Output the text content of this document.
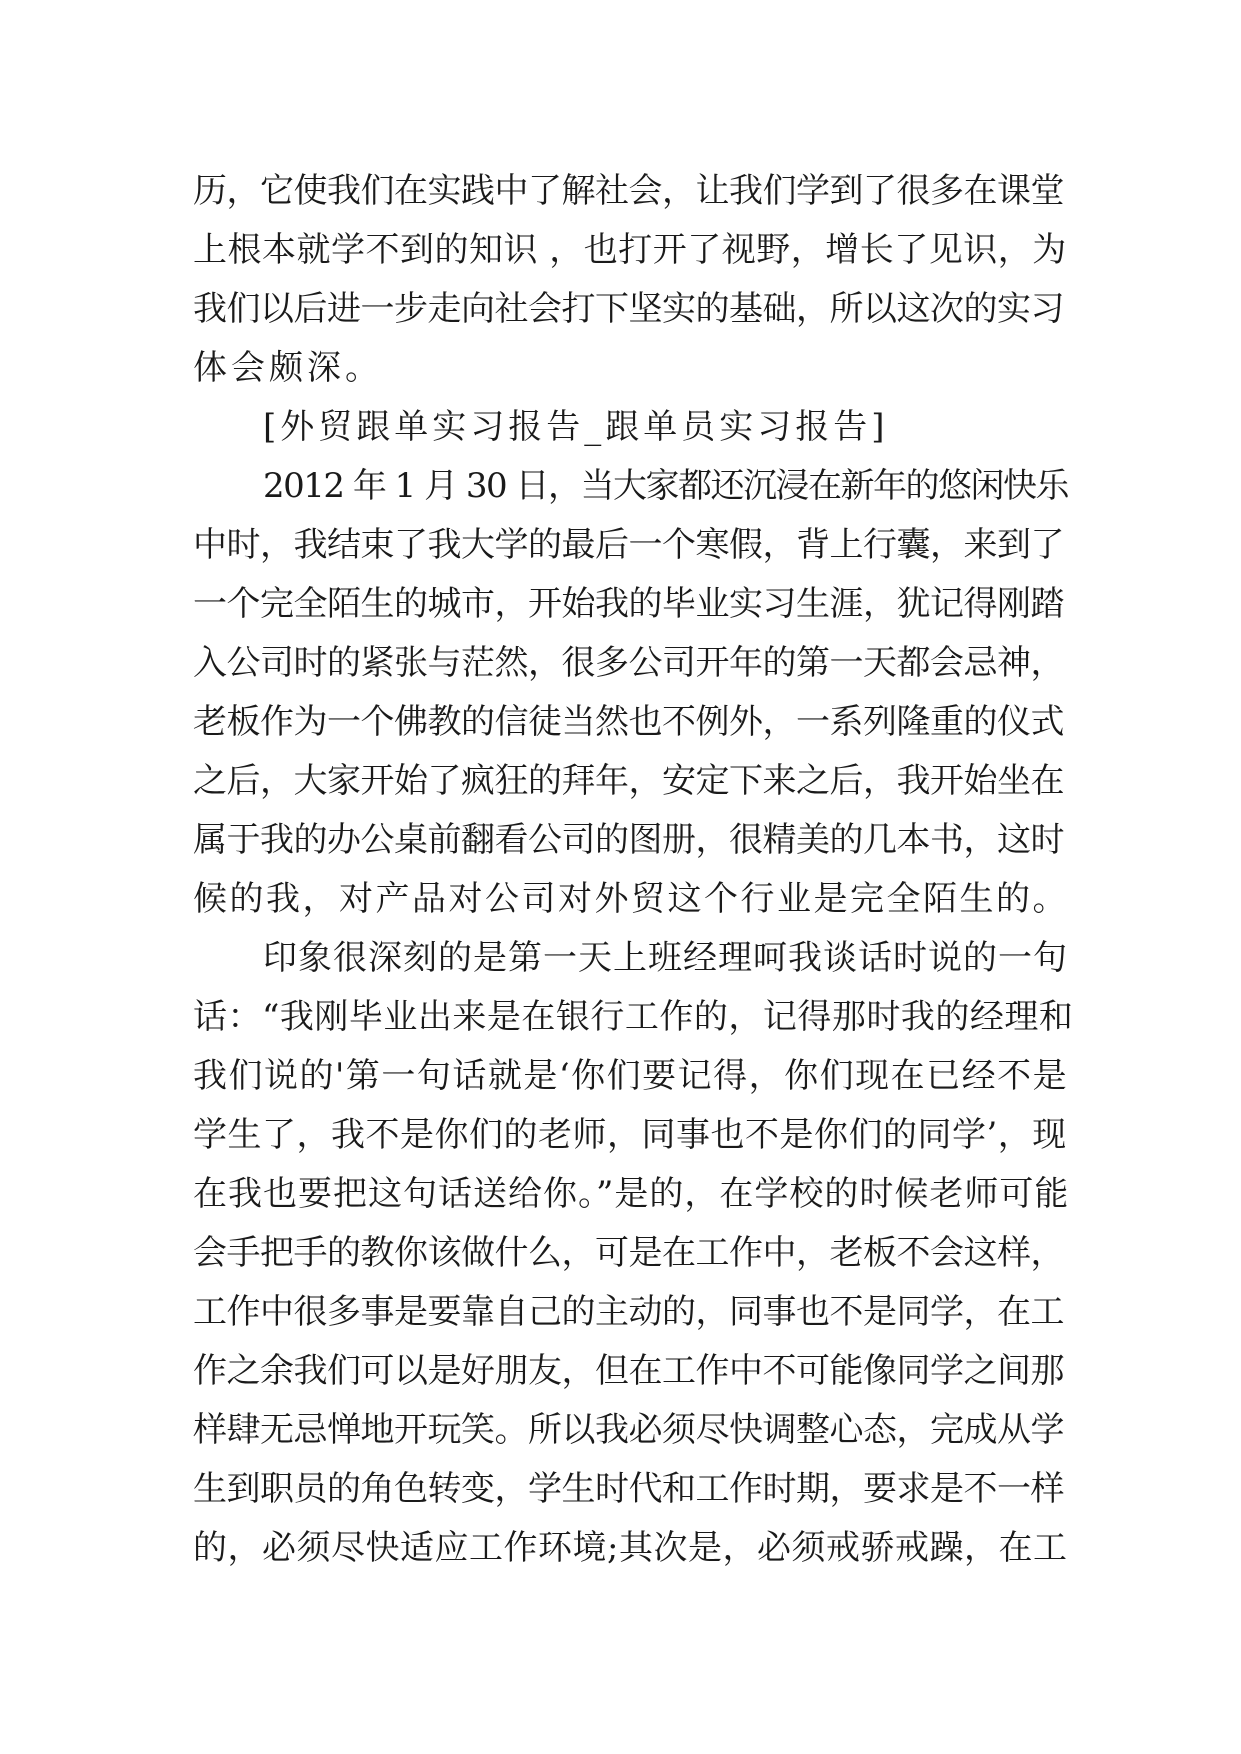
历，它使我们在实践中了解社会，让我们学到了很多在课堂
上根本就学不到的知识 ，也打开了视野，增长了见识，为
我们以后进一步走向社会打下坚实的基础，所以这次的实习
体会颇深。
[外贸跟单实习报告_跟单员实习报告]
2012 年 1 月 30 日，当大家都还沉浸在新年的悠闲快乐
中时，我结束了我大学的最后一个寒假，背上行囊，来到了
一个完全陌生的城市，开始我的毕业实习生涯，犹记得刚踏
入公司时的紧张与茫然，很多公司开年的第一天都会忌神，
老板作为一个佛教的信徒当然也不例外，一系列隆重的仪式
之后，大家开始了疯狂的拜年，安定下来之后，我开始坐在
属于我的办公桌前翻看公司的图册，很精美的几本书，这时
候的我，对产品对公司对外贸这个行业是完全陌生的。
印象很深刻的是第一天上班经理呵我谈话时说的一句
话：“我刚毕业出来是在银行工作的，记得那时我的经理和
我们说的'第一句话就是‘你们要记得，你们现在已经不是
学生了，我不是你们的老师，同事也不是你们的同学’，现
在我也要把这句话送给你。”是的，在学校的时候老师可能
会手把手的教你该做什么，可是在工作中，老板不会这样，
工作中很多事是要靠自己的主动的，同事也不是同学，在工
作之余我们可以是好朋友，但在工作中不可能像同学之间那
样肆无忌惮地开玩笑。所以我必须尽快调整心态，完成从学
生到职员的角色转变，学生时代和工作时期，要求是不一样
的，必须尽快适应工作环境;其次是，必须戒骄戒躁，在工
